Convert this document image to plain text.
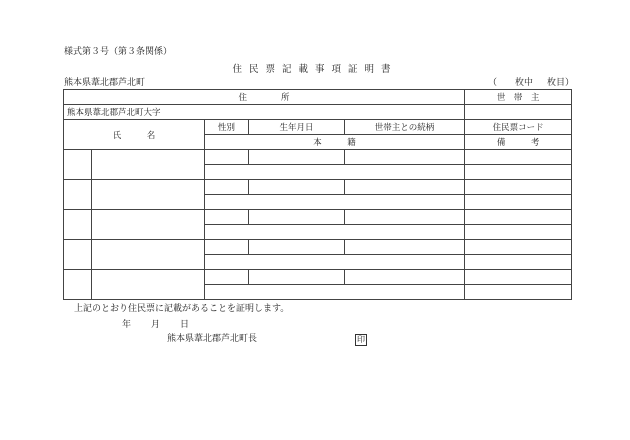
様式第３号（第３条関係）
住民票記載事項証明書
熊本県葦北郡芦北町	（ 枚中 枚目）
住　　　　所					世　帯　主
熊本県葦北郡芦北町大字					
氏　　　名		性別	生年月日	世帯主との続柄	住民票コード
		本　　　籍			備　　　考

上記のとおり住民票に記載があることを証明します。
年 月 日
熊本県葦北郡芦北町長	印
